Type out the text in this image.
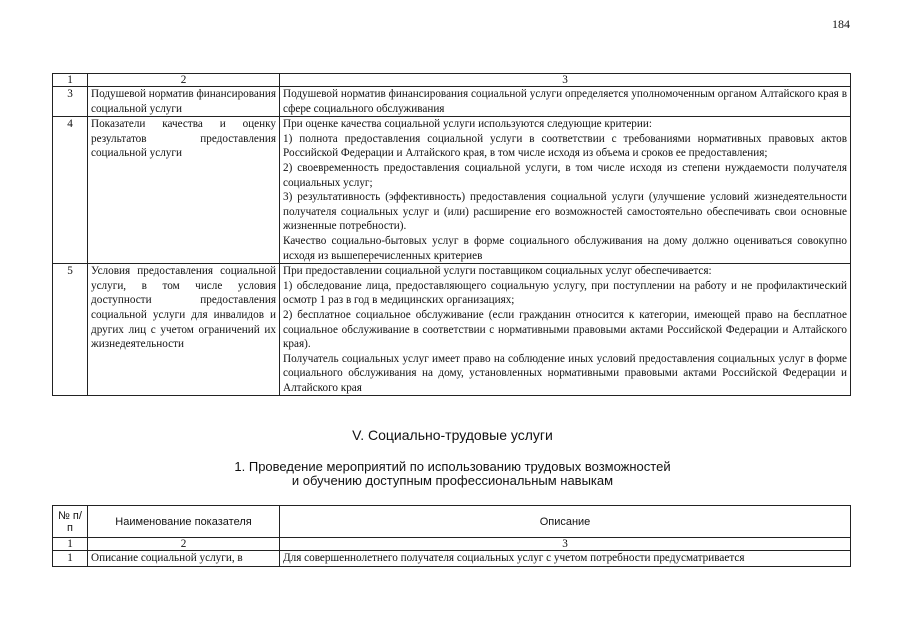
184
1	2	3
3	Подушевой норматив финансирования социальной услуги	Подушевой норматив финансирования социальной услуги определяется уполномоченным органом Алтайского края в сфере социального обслуживания

4	Показатели качества и оценку результатов предоставления социальной услуги	При оценке качества социальной услуги используются следующие критерии:

1) полнота предоставления социальной услуги в соответствии с требованиями нормативных правовых актов Российской Федерации и Алтайского края, в том числе исходя из объема и сроков ее предоставления;

2) своевременность предоставления социальной услуги, в том числе исходя из степени нуждаемости получателя социальных услуг;

3) результативность (эффективность) предоставления социальной услуги (улучшение условий жизнедеятельности получателя социальных услуг и (или) расширение его возможностей самостоятельно обеспечивать свои основные жизненные потребности).

Качество социально-бытовых услуг в форме социального обслуживания на дому должно оцениваться совокупно исходя из вышеперечисленных критериев

5	Условия предоставления социальной услуги, в том числе условия доступности предоставления социальной услуги для инвалидов и других лиц с учетом ограничений их жизнедеятельности	При предоставлении социальной услуги поставщиком социальных услуг обеспечивается:

1) обследование лица, предоставляющего социальную услугу, при поступлении на работу и не профилактический осмотр 1 раз в год в медицинских организациях;

2) бесплатное социальное обслуживание (если гражданин относится к категории, имеющей право на бесплатное социальное обслуживание в соответствии с нормативными правовыми актами Российской Федерации и Алтайского края).

Получатель социальных услуг имеет право на соблюдение иных условий предоставления социальных услуг в форме социального обслуживания на дому, установленных нормативными правовыми актами Российской Федерации и Алтайского края

V. Социально-трудовые услуги
1. Проведение мероприятий по использованию трудовых возможностей
и обучению доступным профессиональным навыкам
№ п/п	Наименование показателя	Описание
1	2	3
1	Описание социальной услуги, в	Для совершеннолетнего получателя социальных услуг с учетом потребности предусматривается
